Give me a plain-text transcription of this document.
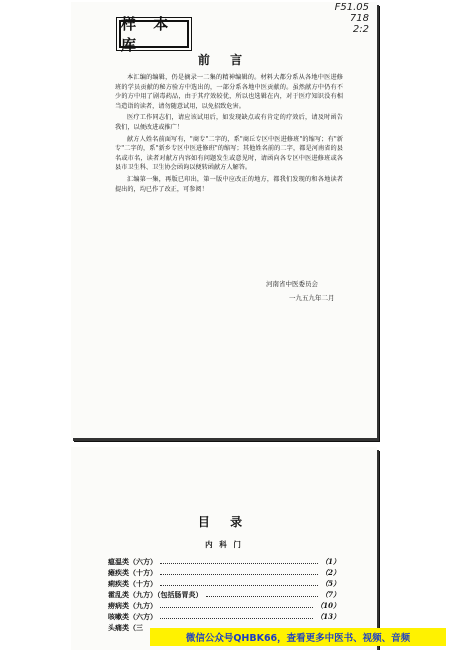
样 本 库
F51.05
718
2:2
前 言

本汇编的编辑，仍是摘录一二集的精神编辑的。材料大都分系从各地中医进修班的学员贡献的秘方验方中选出的，一部分系各地中医贡献的。虽然献方中仍有不少的方中用了剧毒药品，由于其疗效较优，所以也选辑在内，对于医疗知识没有相当造诣的读者，请勿随意试用，以免招致危害。

医疗工作同志们，请应该试用后，如发现缺点或有肯定的疗效后，请及时函告我们，以便改进或推广！

献方人姓名前面写有，"商专"二字的，系"商丘专区中医进修班"的缩写；有"新专"二字的，系"新乡专区中医进修班"的缩写；其他姓名前的二字，都是河南省的县名或市名，读者对献方内容如有问题发生或意见时，请函向各专区中医进修班或各县市卫生科、卫生协会函询以便转函献方人解答。

汇编第一集，再版已印出，第一版中应改正的地方，都我们发现的和各地读者提出的，均已作了改正，可参阅！

河南省中医委员会
一九五九年二月
目 录
内 科 门
瘟温类（六方）	（1）
瘫疾类（十方）	（2）
痢疾类（十方）	（5）
霍乱类（九方）（包括肠胃炎）	（7）
痨病类（九方）	（10）
咳嗽类（六方）	（13）
头痛类（三
微信公众号QHBK66，查看更多中医书、视频、音频
